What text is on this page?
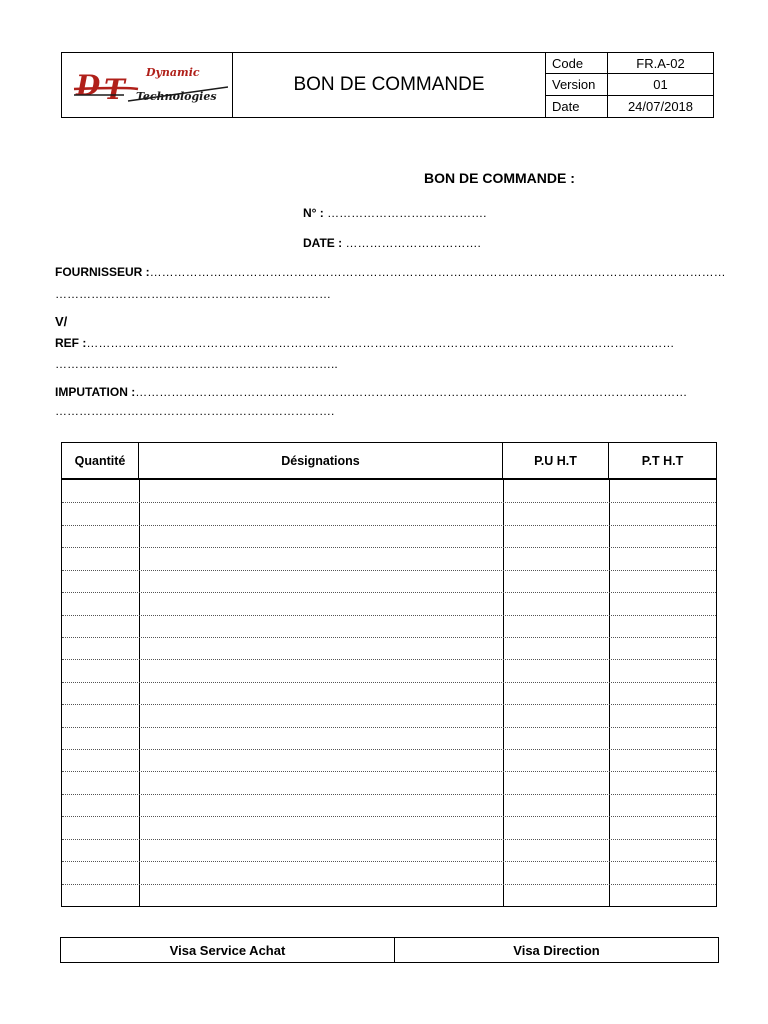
D T
Dynamic
Technologies
BON DE COMMANDE
Code	FR.A-02
Version	01
Date	24/07/2018
BON DE COMMANDE :
N° : ………………………………….
DATE : …………………………….
FOURNISSEUR :………………………………………………………………………………………………………………………………
……………………………………………………………
V/
REF :…………………………………………………………………………………………………………………………………
……………………………………………………………..
IMPUTATION :…………………………………………………………………………………………………………………………
…………………………………………………………….
Quantité	Désignations	P.U H.T	P.T H.T
Visa Service Achat	Visa Direction
